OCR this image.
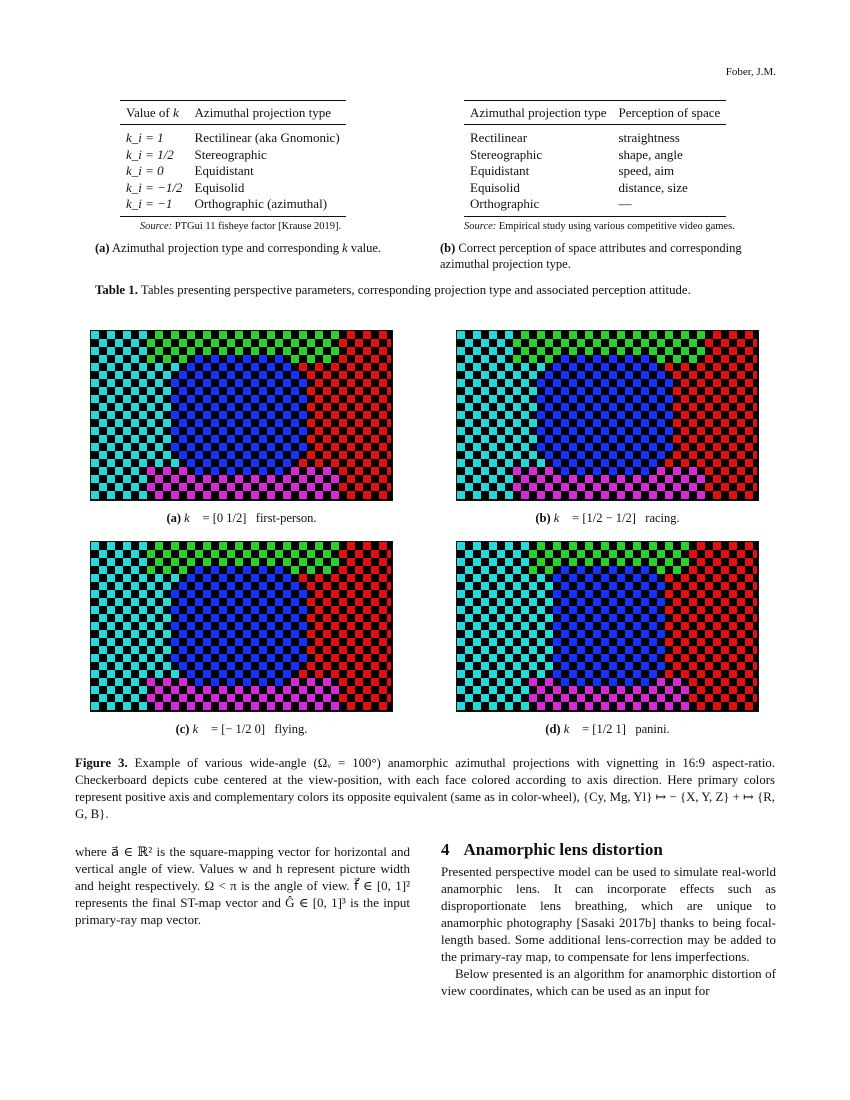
Fober, J.M.
Value of k	Azimuthal projection type
k_i = 1	Rectilinear (aka Gnomonic)
k_i = 1/2	Stereographic
k_i = 0	Equidistant
k_i = −1/2	Equisolid
k_i = −1	Orthographic (azimuthal)
Source: PTGui 11 fisheye factor [Krause 2019].
(a) Azimuthal projection type and corresponding k value.
Azimuthal projection type	Perception of space
Rectilinear	straightness
Stereographic	shape, angle
Equidistant	speed, aim
Equisolid	distance, size
Orthographic	—
Source: Empirical study using various competitive video games.
(b) Correct perception of space attributes and corresponding azimuthal projection type.
Table 1. Tables presenting perspective parameters, corresponding projection type and associated perception attitude.
(a) k⃗ = [0 1/2] first-person.	(b) k⃗ = [1/2 − 1/2] racing.
(c) k⃗ = [− 1/2 0] flying.	(d) k⃗ = [1/2 1] panini.
Figure 3. Example of various wide-angle (Ωᵥ = 100°) anamorphic azimuthal projections with vignetting in 16:9 aspect-ratio. Checkerboard depicts cube centered at the view-position, with each face colored according to axis direction. Here primary colors represent positive axis and complementary colors its opposite equivalent (same as in color-wheel), {Cy, Mg, Yl} ↦ − {X, Y, Z} + ↦ {R, G, B}.
where a⃗ ∈ ℝ² is the square-mapping vector for horizontal and vertical angle of view. Values w and h represent picture width and height respectively. Ω < π is the angle of view. f⃗ ∈ [0, 1]² represents the final ST-map vector and Ĝ ∈ [0, 1]³ is the input primary-ray map vector.
4 Anamorphic lens distortion
Presented perspective model can be used to simulate real-world anamorphic lens. It can incorporate effects such as disproportionate lens breathing, which are unique to anamorphic photography [Sasaki 2017b] thanks to being focal-length based. Some additional lens-correction may be added to the primary-ray map, to compensate for lens imperfections.
Below presented is an algorithm for anamorphic distortion of view coordinates, which can be used as an input for
